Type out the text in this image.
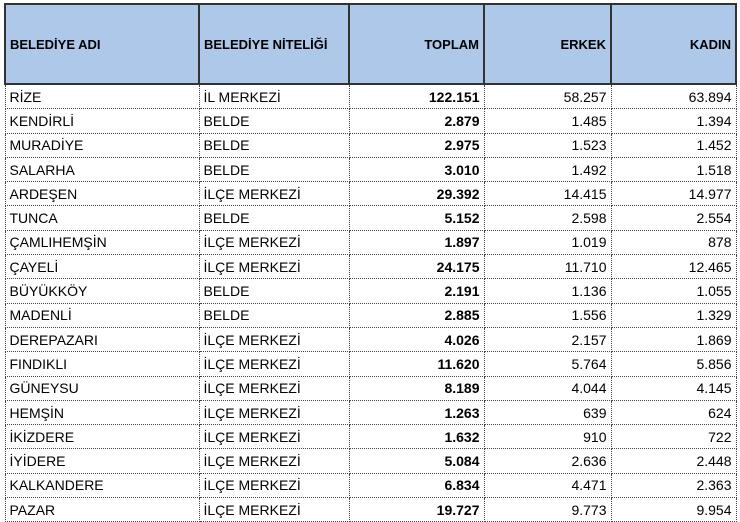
BELEDİYE ADI	BELEDİYE NİTELİĞİ	TOPLAM	ERKEK	KADIN
RİZE	İL MERKEZİ	122.151	58.257	63.894
KENDİRLİ	BELDE	2.879	1.485	1.394
MURADİYE	BELDE	2.975	1.523	1.452
SALARHA	BELDE	3.010	1.492	1.518
ARDEŞEN	İLÇE MERKEZİ	29.392	14.415	14.977
TUNCA	BELDE	5.152	2.598	2.554
ÇAMLIHEMŞİN	İLÇE MERKEZİ	1.897	1.019	878
ÇAYELİ	İLÇE MERKEZİ	24.175	11.710	12.465
BÜYÜKKÖY	BELDE	2.191	1.136	1.055
MADENLİ	BELDE	2.885	1.556	1.329
DEREPAZARI	İLÇE MERKEZİ	4.026	2.157	1.869
FINDIKLI	İLÇE MERKEZİ	11.620	5.764	5.856
GÜNEYSU	İLÇE MERKEZİ	8.189	4.044	4.145
HEMŞİN	İLÇE MERKEZİ	1.263	639	624
İKİZDERE	İLÇE MERKEZİ	1.632	910	722
İYİDERE	İLÇE MERKEZİ	5.084	2.636	2.448
KALKANDERE	İLÇE MERKEZİ	6.834	4.471	2.363
PAZAR	İLÇE MERKEZİ	19.727	9.773	9.954
